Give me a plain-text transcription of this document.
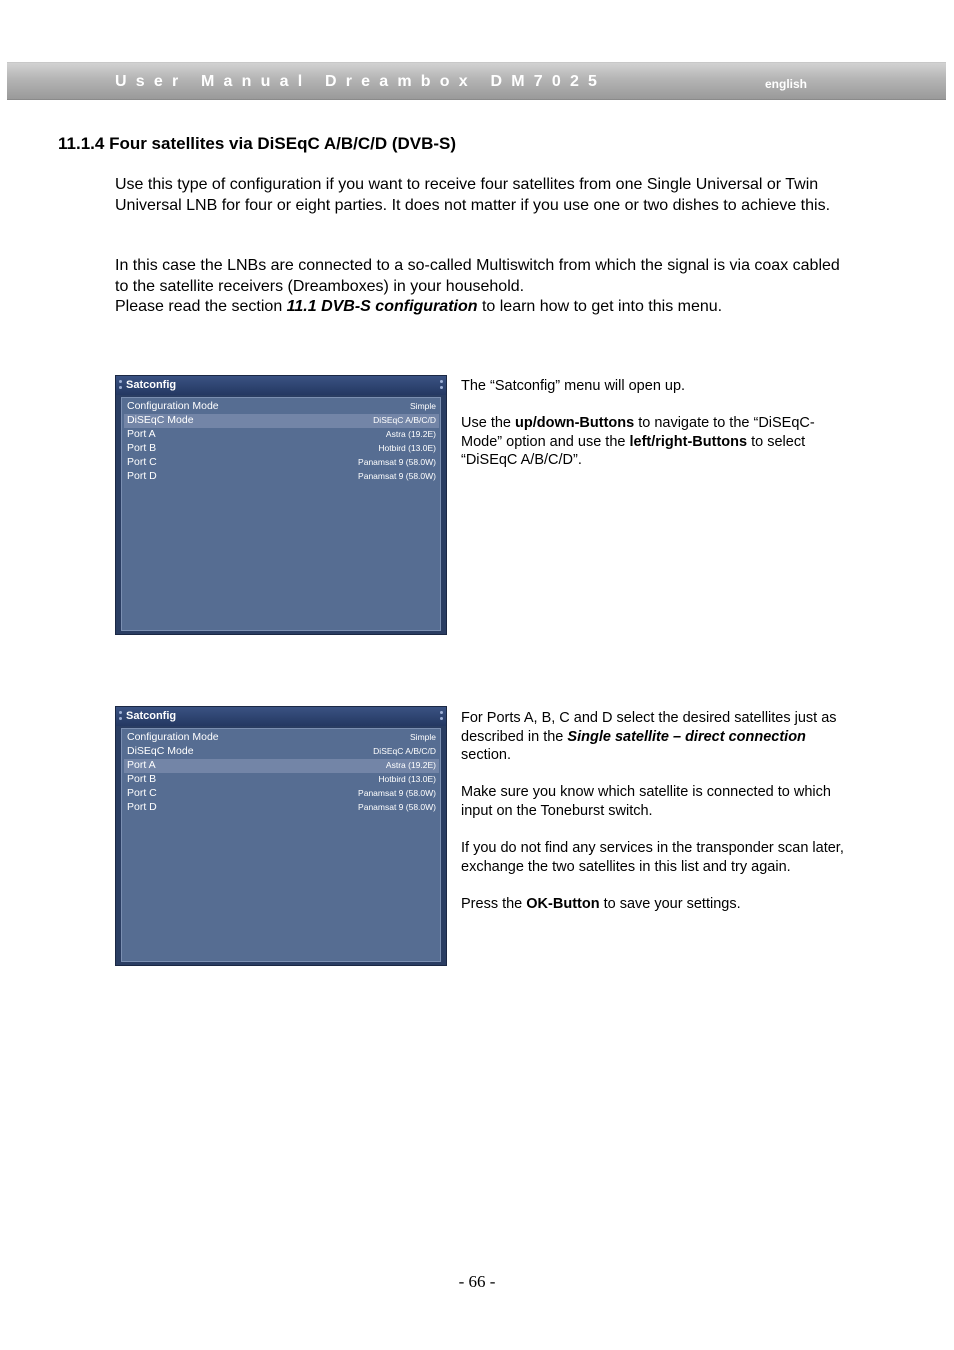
User Manual Dreambox DM7025	english
11.1.4 Four satellites via DiSEqC A/B/C/D (DVB-S)

Use this type of configuration if you want to receive four satellites from one Single Universal or Twin Universal LNB for four or eight parties. It does not matter if you use one or two dishes to achieve this.

In this case the LNBs are connected to a so-called Multiswitch from which the signal is via coax cabled to the satellite receivers (Dreamboxes) in your household.

Please read the section 11.1 DVB-S configuration to learn how to get into this menu.

Satconfig
Configuration Mode	Simple
DiSEqC Mode	DiSEqC A/B/C/D
Port A	Astra (19.2E)
Port B	Hotbird (13.0E)
Port C	Panamsat 9 (58.0W)
Port D	Panamsat 9 (58.0W)

The “Satconfig” menu will open up.

Use the up/down-Buttons to navigate to the “DiSEqC-Mode” option and use the left/right-Buttons to select “DiSEqC A/B/C/D”.

Satconfig
Configuration Mode	Simple
DiSEqC Mode	DiSEqC A/B/C/D
Port A	Astra (19.2E)
Port B	Hotbird (13.0E)
Port C	Panamsat 9 (58.0W)
Port D	Panamsat 9 (58.0W)

For Ports A, B, C and D select the desired satellites just as described in the Single satellite – direct connection section.

Make sure you know which satellite is connected to which input on the Toneburst switch.

If you do not find any services in the transponder scan later, exchange the two satellites in this list and try again.

Press the OK-Button to save your settings.

- 66 -
